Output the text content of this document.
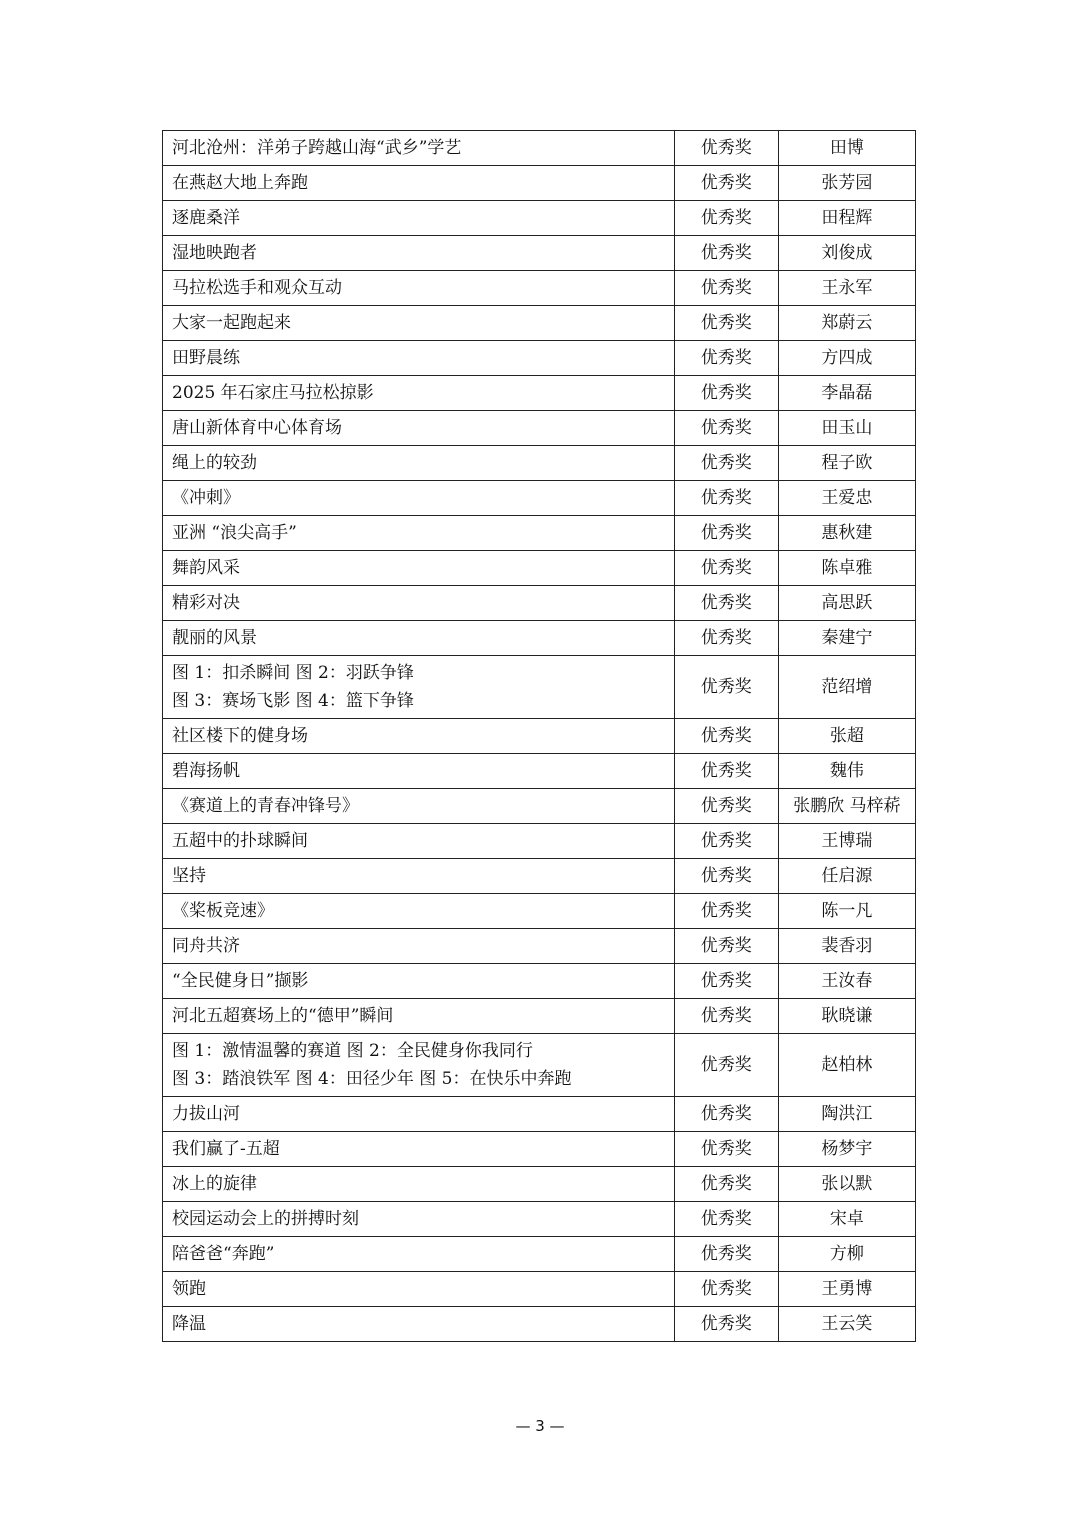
河北沧州：洋弟子跨越山海“武乡”学艺	优秀奖	田博

在燕赵大地上奔跑	优秀奖	张芳园

逐鹿桑洋	优秀奖	田程辉

湿地映跑者	优秀奖	刘俊成

马拉松选手和观众互动	优秀奖	王永军

大家一起跑起来	优秀奖	郑蔚云

田野晨练	优秀奖	方四成

2025 年石家庄马拉松掠影	优秀奖	李晶磊

唐山新体育中心体育场	优秀奖	田玉山

绳上的较劲	优秀奖	程子欧

《冲刺》	优秀奖	王爱忠

亚洲 “浪尖高手”	优秀奖	惠秋建

舞韵风采	优秀奖	陈卓雅

精彩对决	优秀奖	高思跃

靓丽的风景	优秀奖	秦建宁

图 1：扣杀瞬间 图 2：羽跃争锋
图 3：赛场飞影 图 4：篮下争锋	优秀奖	范绍增

社区楼下的健身场	优秀奖	张超

碧海扬帆	优秀奖	魏伟

《赛道上的青春冲锋号》	优秀奖	张鹏欣 马梓菥

五超中的扑球瞬间	优秀奖	王博瑞

坚持	优秀奖	任启源

《桨板竞速》	优秀奖	陈一凡

同舟共济	优秀奖	裴香羽

“全民健身日”撷影	优秀奖	王汝春

河北五超赛场上的“德甲”瞬间	优秀奖	耿晓谦

图 1：激情温馨的赛道 图 2：全民健身你我同行
图 3：踏浪铁军 图 4：田径少年 图 5：在快乐中奔跑	优秀奖	赵柏林

力拔山河	优秀奖	陶洪江

我们赢了-五超	优秀奖	杨梦宇

冰上的旋律	优秀奖	张以默

校园运动会上的拼搏时刻	优秀奖	宋卓

陪爸爸“奔跑”	优秀奖	方柳

领跑	优秀奖	王勇博

降温	优秀奖	王云笑
— 3 —
